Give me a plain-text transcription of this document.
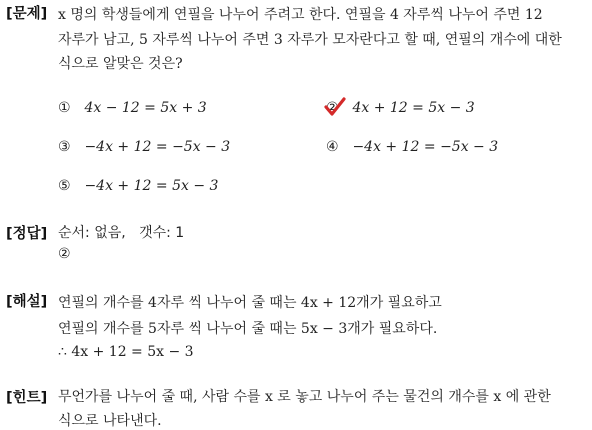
[문제] x 명의 학생들에게 연필을 나누어 주려고 한다. 연필을 4 자루씩 나누어 주면 12
자루가 남고, 5 자루씩 나누어 주면 3 자루가 모자란다고 할 때, 연필의 개수에 대한
식으로 알맞은 것은?
① 4x − 12 = 5x + 3	② 4x + 12 = 5x − 3
③ −4x + 12 = −5x − 3	④ −4x + 12 = −5x − 3
⑤ −4x + 12 = 5x − 3
[정답] 순서: 없음,   갯수: 1
②
[해설] 연필의 개수를 4자루 씩 나누어 줄 때는 4x + 12개가 필요하고
연필의 개수를 5자루 씩 나누어 줄 때는 5x − 3개가 필요하다.
∴ 4x + 12 = 5x − 3
[힌트] 무언가를 나누어 줄 때, 사람 수를 x 로 놓고 나누어 주는 물건의 개수를 x 에 관한
식으로 나타낸다.
